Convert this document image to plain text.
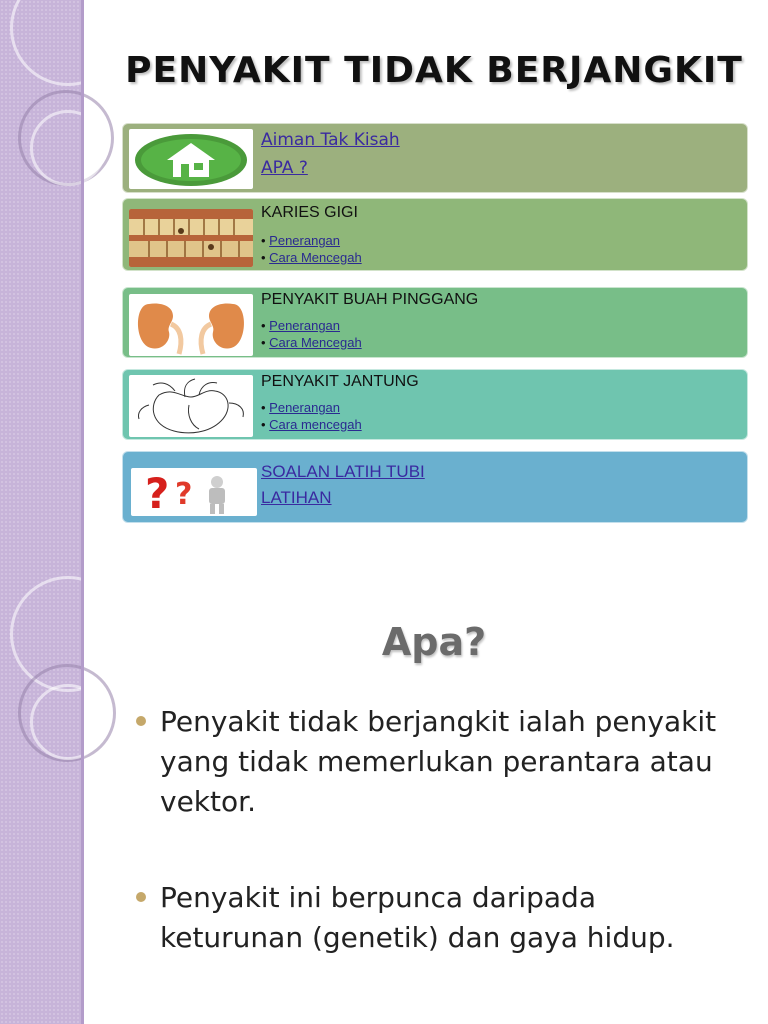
PENYAKIT TIDAK BERJANGKIT
Aiman Tak Kisah
APA ?
KARIES GIGI
• Penerangan
• Cara Mencegah
PENYAKIT BUAH PINGGANG
• Penerangan
• Cara Mencegah
PENYAKIT JANTUNG
• Penerangan
• Cara mencegah
? ?
SOALAN LATIH TUBI
LATIHAN
Apa?

Penyakit tidak berjangkit ialah penyakit yang tidak memerlukan perantara atau vektor.

Penyakit ini berpunca daripada keturunan (genetik) dan gaya hidup.
